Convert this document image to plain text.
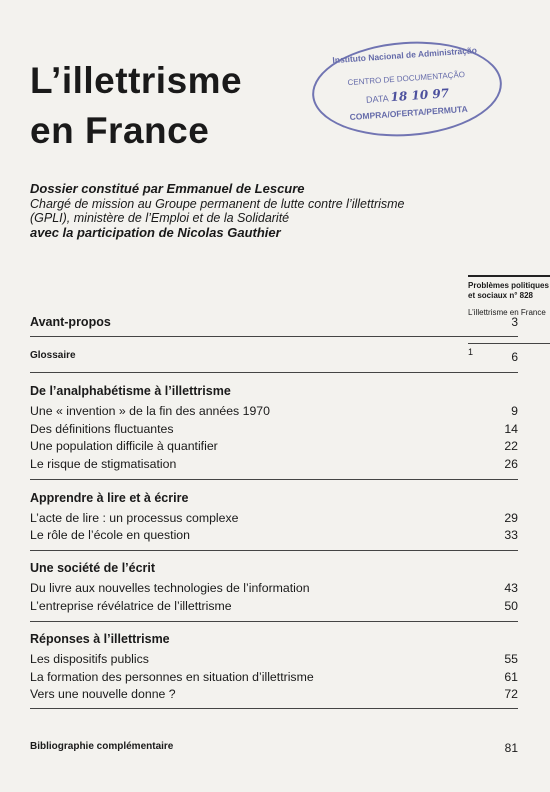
L’illettrisme
en France
Instituto Nacional de Administração
CENTRO DE DOCUMENTAÇÃO
DATA 18 10 97
COMPRA/OFERTA/PERMUTA
Dossier constitué par Emmanuel de Lescure
Chargé de mission au Groupe permanent de lutte contre l’illettrisme
(GPLI), ministère de l’Emploi et de la Solidarité
avec la participation de Nicolas Gauthier
Problèmes politiques et sociaux n° 828
L’illettrisme en France
1
Avant-propos	3
Glossaire	6
De l’analphabétisme à l’illettrisme
Une « invention » de la fin des années 1970	9
Des définitions fluctuantes	14
Une population difficile à quantifier	22
Le risque de stigmatisation	26
Apprendre à lire et à écrire
L’acte de lire : un processus complexe	29
Le rôle de l’école en question	33
Une société de l’écrit
Du livre aux nouvelles technologies de l’information	43
L’entreprise révélatrice de l’illettrisme	50
Réponses à l’illettrisme
Les dispositifs publics	55
La formation des personnes en situation d’illettrisme	61
Vers une nouvelle donne ?	72
Bibliographie complémentaire	81
